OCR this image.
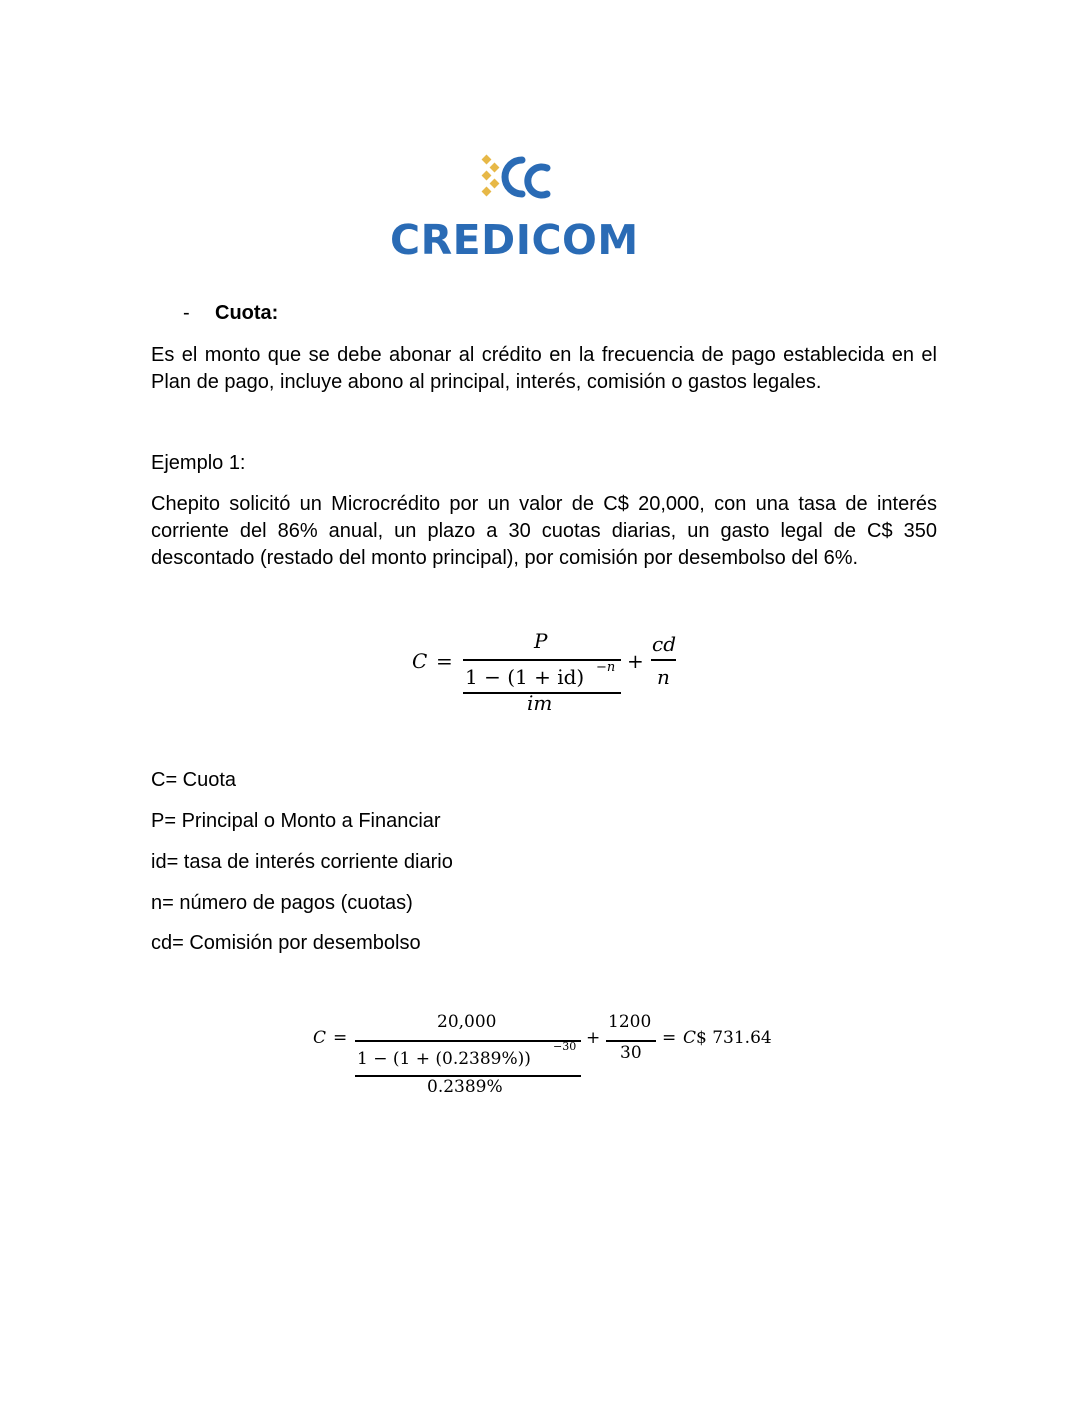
CREDICOM
- Cuota:
Es el monto que se debe abonar al crédito en la frecuencia de pago establecida en el Plan de pago, incluye abono al principal, interés, comisión o gastos legales.
Ejemplo 1:
Chepito solicitó un Microcrédito por un valor de C$ 20,000, con una tasa de interés corriente del 86% anual, un plazo a 30 cuotas diarias, un gasto legal de C$ 350 descontado (restado del monto principal), por comisión por desembolso del 6%.
C =
P
1 − (1 + id) −n
im
+
cd
n
C= Cuota
P= Principal o Monto a Financiar
id= tasa de interés corriente diario
n= número de pagos (cuotas)
cd= Comisión por desembolso
C =
20,000
1 − (1 + (0.2389%))
−30
0.2389%
+
1200
30
= C $ 731.64
